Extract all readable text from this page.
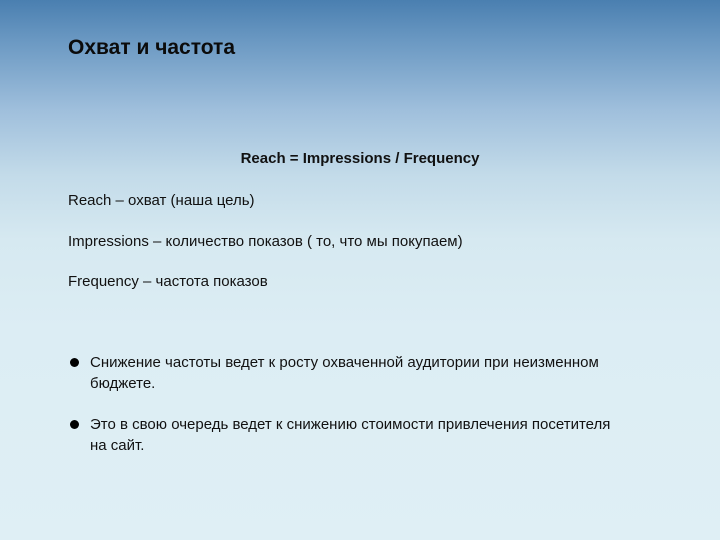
Охват и частота
Reach = Impressions / Frequency
Reach – охват (наша цель)
Impressions – количество показов ( то, что мы покупаем)
Frequency – частота показов
Снижение частоты ведет к росту охваченной аудитории при неизменном бюджете.
Это в свою очередь ведет к снижению стоимости привлечения посетителя на сайт.
